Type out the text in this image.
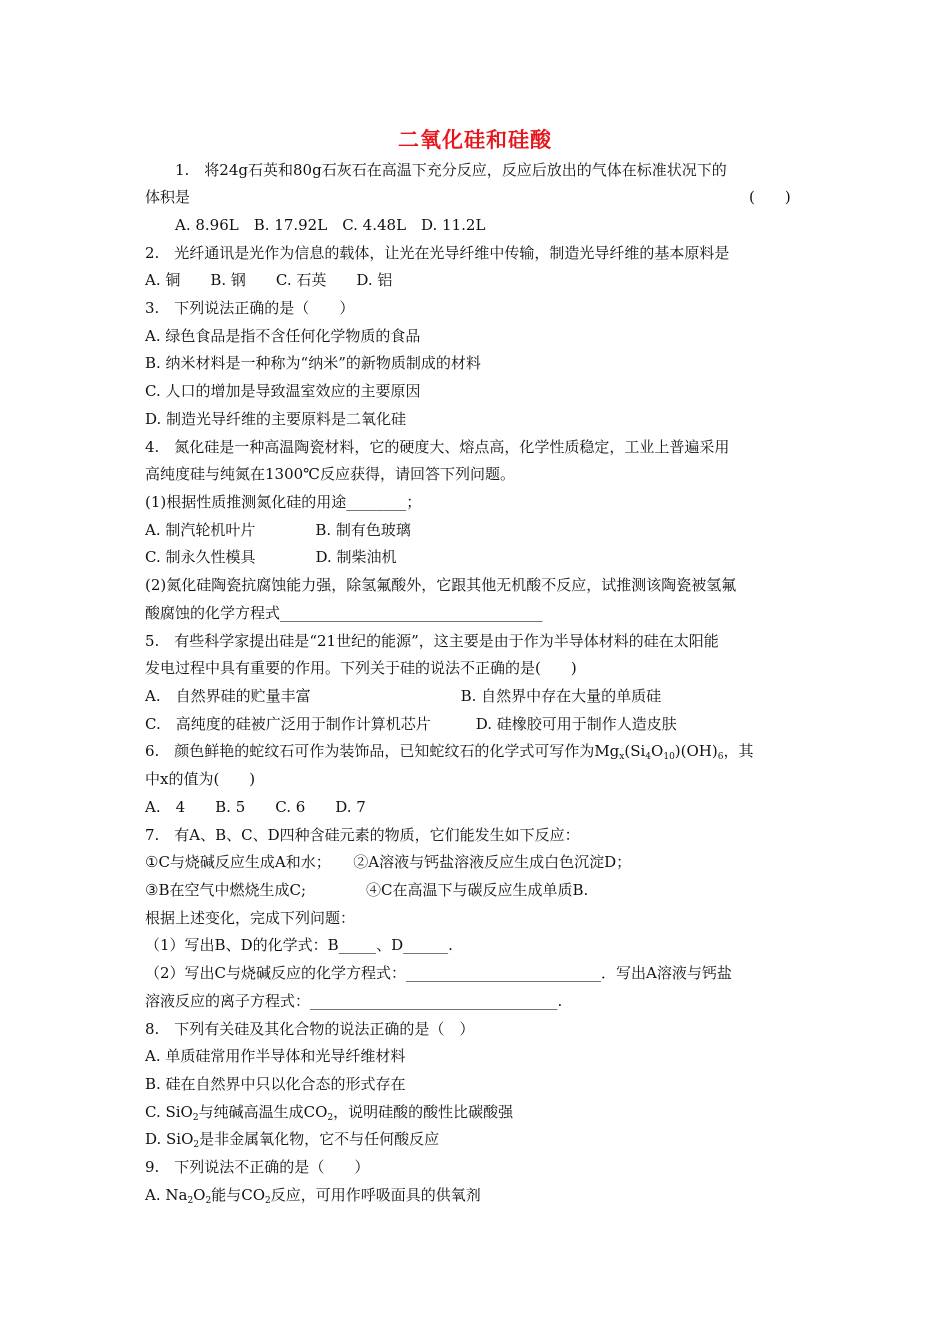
二氧化硅和硅酸
　　1.　将24g石英和80g石灰石在高温下充分反应，反应后放出的气体在标准状况下的
体积是	(　　)
　　A. 8.96L　B. 17.92L　C. 4.48L　D. 11.2L
2.　光纤通讯是光作为信息的载体，让光在光导纤维中传输，制造光导纤维的基本原料是
A. 铜　　B. 钢　　C. 石英　　D. 铝
3.　下列说法正确的是（　　）
A. 绿色食品是指不含任何化学物质的食品
B. 纳米材料是一种称为“纳米”的新物质制成的材料
C. 人口的增加是导致温室效应的主要原因
D. 制造光导纤维的主要原料是二氧化硅
4.　氮化硅是一种高温陶瓷材料，它的硬度大、熔点高，化学性质稳定，工业上普遍采用
高纯度硅与纯氮在1300℃反应获得，请回答下列问题。
(1)根据性质推测氮化硅的用途________；
A. 制汽轮机叶片　　　　B. 制有色玻璃
C. 制永久性模具　　　　D. 制柴油机
(2)氮化硅陶瓷抗腐蚀能力强，除氢氟酸外，它跟其他无机酸不反应，试推测该陶瓷被氢氟
酸腐蚀的化学方程式___________________________________
5.　有些科学家提出硅是“21世纪的能源”，这主要是由于作为半导体材料的硅在太阳能
发电过程中具有重要的作用。下列关于硅的说法不正确的是(　　)
A.　自然界硅的贮量丰富　　　　　　　　　　B. 自然界中存在大量的单质硅
C.　高纯度的硅被广泛用于制作计算机芯片　　　D. 硅橡胶可用于制作人造皮肤
6.　颜色鲜艳的蛇纹石可作为装饰品，已知蛇纹石的化学式可写作为$Mg_x(Si_4O_{10})(OH)_6$，其
中x的值为(　　)
A.　4　　B. 5　　C. 6　　D. 7
7.　有A、B、C、D四种含硅元素的物质，它们能发生如下反应：
①C与烧碱反应生成A和水；　　②A溶液与钙盐溶液反应生成白色沉淀D；
③B在空气中燃烧生成C;　　　　④C在高温下与碳反应生成单质B.
根据上述变化，完成下列问题：
（1）写出B、D的化学式：B_____、D______.
（2）写出C与烧碱反应的化学方程式：__________________________．写出A溶液与钙盐
溶液反应的离子方程式：_________________________________.
8.　下列有关硅及其化合物的说法正确的是（　）
A. 单质硅常用作半导体和光导纤维材料
B. 硅在自然界中只以化合态的形式存在
C. SiO$_2$与纯碱高温生成$CO_2$，说明硅酸的酸性比碳酸强
D. SiO$_2$是非金属氧化物，它不与任何酸反应
9.　下列说法不正确的是（　　）
A. $Na_2O_2$能与$CO_2$反应，可用作呼吸面具的供氧剂
